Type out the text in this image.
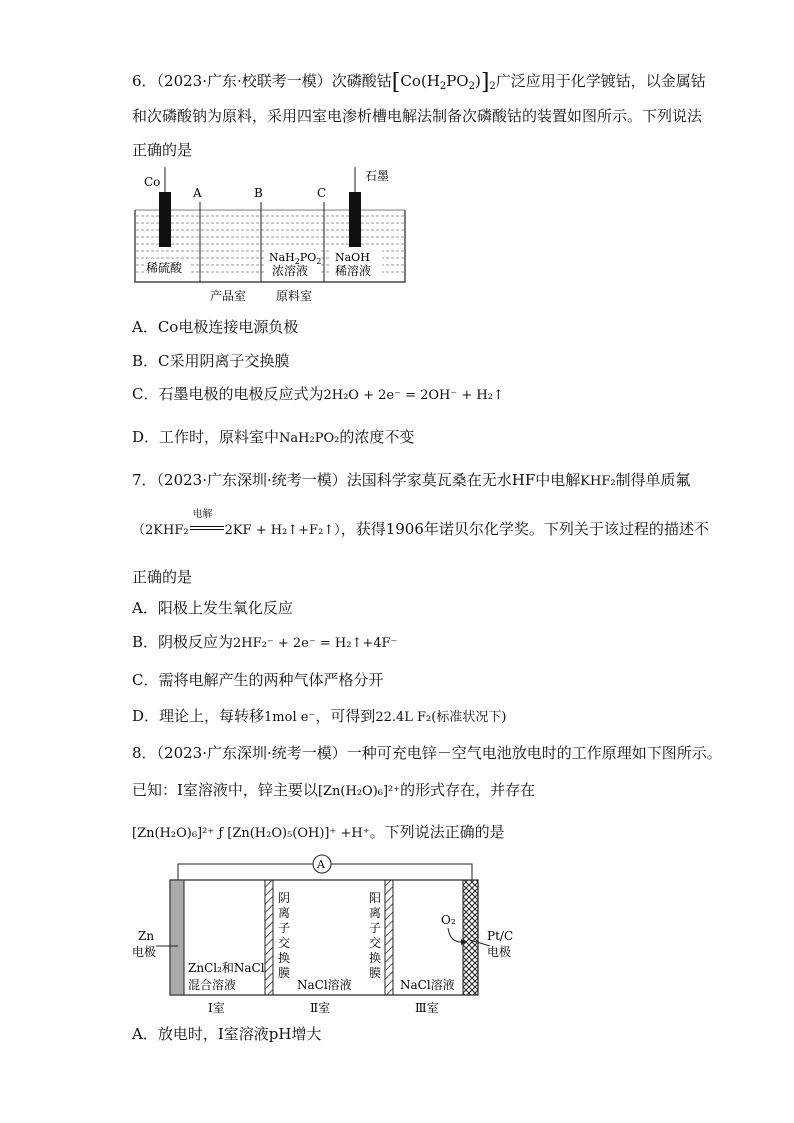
6．（2023·广东·校联考一模）次磷酸钴$[Co(H_2PO_2)]_2$广泛应用于化学镀钴，以金属钴
和次磷酸钠为原料，采用四室电渗析槽电解法制备次磷酸钴的装置如图所示。下列说法
正确的是
Co	石墨
A	B	C
稀硫酸
$NaH_2PO_2$
浓溶液
NaOH
稀溶液
产品室 原料室
A．Co电极连接电源负极
B．C采用阴离子交换膜
C．石墨电极的电极反应式为2H₂O + 2e⁻ = 2OH⁻ + H₂↑
D．工作时，原料室中NaH₂PO₂的浓度不变
7．（2023·广东深圳·统考一模）法国科学家莫瓦桑在无水HF中电解KHF₂制得单质氟
（2KHF₂
电解
2KF + H₂↑+F₂↑），获得1906年诺贝尔化学奖。下列关于该过程的描述不
正确的是
A．阳极上发生氧化反应
B．阴极反应为2HF₂⁻ + 2e⁻ = H₂↑+4F⁻
C．需将电解产生的两种气体严格分开
D．理论上，每转移1mol e⁻，可得到22.4L F₂(标准状况下)
8．（2023·广东深圳·统考一模）一种可充电锌－空气电池放电时的工作原理如下图所示。
已知：Ⅰ室溶液中，锌主要以[Zn(H₂O)₆]²⁺的形式存在，并存在
[Zn(H₂O)₆]²⁺ ƒ [Zn(H₂O)₅(OH)]⁺ +H⁺。下列说法正确的是
A
Zn
电极
Pt/C
电极
O₂
阴
离
子
交
换
膜
阳
离
子
交
换
膜
ZnCl₂和NaCl
混合溶液	NaCl溶液	NaCl溶液
Ⅰ室	Ⅱ室	Ⅲ室
A．放电时，Ⅰ室溶液pH增大
